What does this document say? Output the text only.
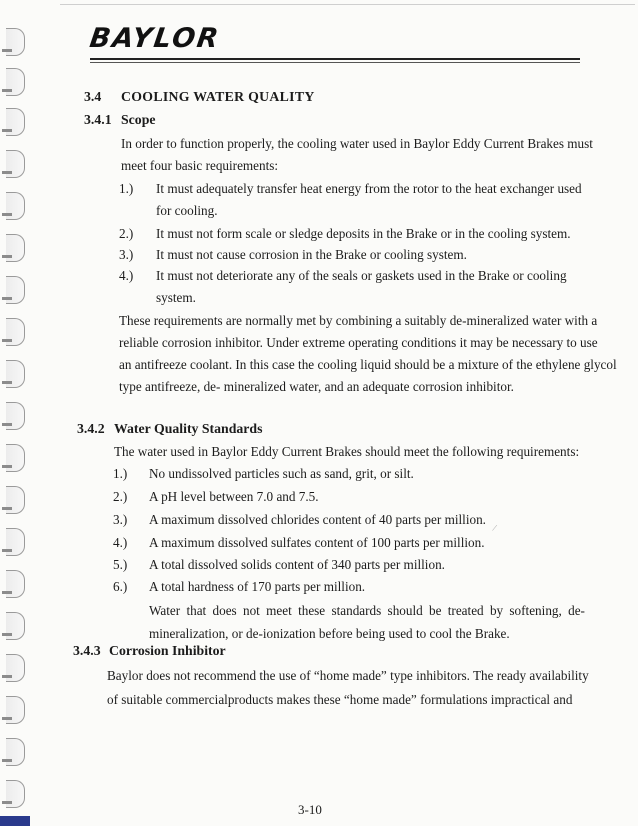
BAYLOR
3.4 COOLING WATER QUALITY
3.4.1 Scope
In order to function properly, the cooling water used in Baylor Eddy Current Brakes must
meet four basic requirements:
1.) It must adequately transfer heat energy from the rotor to the heat exchanger used
for cooling.
2.) It must not form scale or sledge deposits in the Brake or in the cooling system.
3.) It must not cause corrosion in the Brake or cooling system.
4.) It must not deteriorate any of the seals or gaskets used in the Brake or cooling
system.
These requirements are normally met by combining a suitably de-mineralized water with a
reliable corrosion inhibitor. Under extreme operating conditions it may be necessary to use
an antifreeze coolant. In this case the cooling liquid should be a mixture of the ethylene glycol
type antifreeze, de- mineralized water, and an adequate corrosion inhibitor.
3.4.2 Water Quality Standards
The water used in Baylor Eddy Current Brakes should meet the following requirements:
1.) No undissolved particles such as sand, grit, or silt.
2.) A pH level between 7.0 and 7.5.
3.) A maximum dissolved chlorides content of 40 parts per million.
4.) A maximum dissolved sulfates content of 100 parts per million.
5.) A total dissolved solids content of 340 parts per million.
6.) A total hardness of 170 parts per million.
Water that does not meet these standards should be treated by softening, de-
mineralization, or de-ionization before being used to cool the Brake.
/
3.4.3 Corrosion Inhibitor
Baylor does not recommend the use of “home made” type inhibitors. The ready availability
of suitable commercialproducts makes these “home made” formulations impractical and
3-10
